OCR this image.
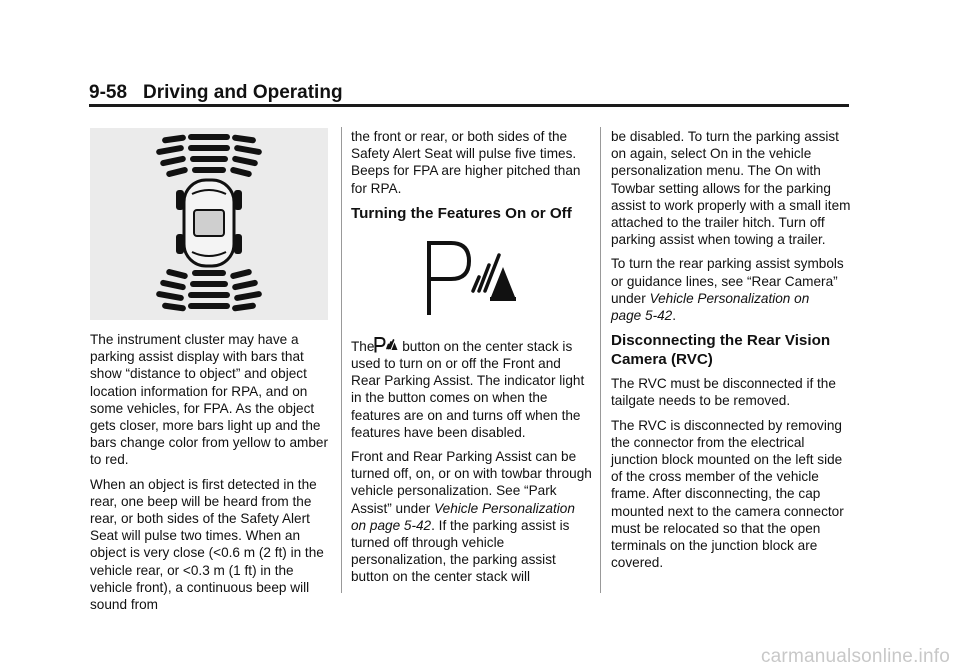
9-58 Driving and Operating

The instrument cluster may have a parking assist display with bars that show “distance to object” and object location information for RPA, and on some vehicles, for FPA. As the object gets closer, more bars light up and the bars change color from yellow to amber to red.

When an object is first detected in the rear, one beep will be heard from the rear, or both sides of the Safety Alert Seat will pulse two times. When an object is very close (<0.6 m (2 ft) in the vehicle rear, or <0.3 m (1 ft) in the vehicle front), a continuous beep will sound from

the front or rear, or both sides of the Safety Alert Seat will pulse five times. Beeps for FPA are higher pitched than for RPA.

Turning the Features On or Off

The button on the center stack is used to turn on or off the Front and Rear Parking Assist. The indicator light in the button comes on when the features are on and turns off when the features have been disabled.

Front and Rear Parking Assist can be turned off, on, or on with towbar through vehicle personalization. See “Park Assist” under Vehicle Personalization on page 5-42. If the parking assist is turned off through vehicle personalization, the parking assist button on the center stack will

be disabled. To turn the parking assist on again, select On in the vehicle personalization menu. The On with Towbar setting allows for the parking assist to work properly with a small item attached to the trailer hitch. Turn off parking assist when towing a trailer.

To turn the rear parking assist symbols or guidance lines, see “Rear Camera” under Vehicle Personalization on page 5-42.

Disconnecting the Rear Vision Camera (RVC)

The RVC must be disconnected if the tailgate needs to be removed.

The RVC is disconnected by removing the connector from the electrical junction block mounted on the left side of the cross member of the vehicle frame. After disconnecting, the cap mounted next to the camera connector must be relocated so that the open terminals on the junction block are covered.

carmanualsonline.info
